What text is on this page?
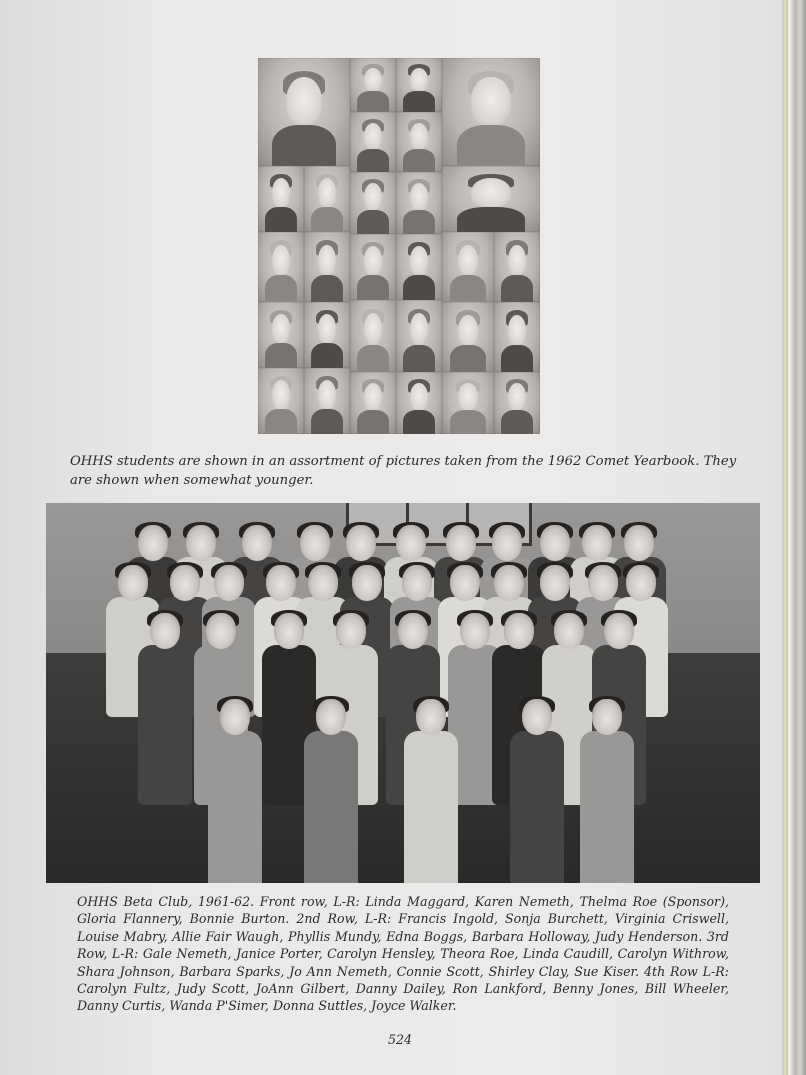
OHHS students are shown in an assortment of pictures taken from the 1962 Comet Yearbook. They are shown when somewhat younger.

OHHS Beta Club, 1961-62. Front row, L-R: Linda Maggard, Karen Nemeth, Thelma Roe (Sponsor), Gloria Flannery, Bonnie Burton. 2nd Row, L-R: Francis Ingold, Sonja Burchett, Virginia Criswell, Louise Mabry, Allie Fair Waugh, Phyllis Mundy, Edna Boggs, Barbara Holloway, Judy Henderson. 3rd Row, L-R: Gale Nemeth, Janice Porter, Carolyn Hensley, Theora Roe, Linda Caudill, Carolyn Withrow, Shara Johnson, Barbara Sparks, Jo Ann Nemeth, Connie Scott, Shirley Clay, Sue Kiser. 4th Row L-R: Carolyn Fultz, Judy Scott, JoAnn Gilbert, Danny Dailey, Ron Lankford, Benny Jones, Bill Wheeler, Danny Curtis, Wanda P'Simer, Donna Suttles, Joyce Walker.

524
